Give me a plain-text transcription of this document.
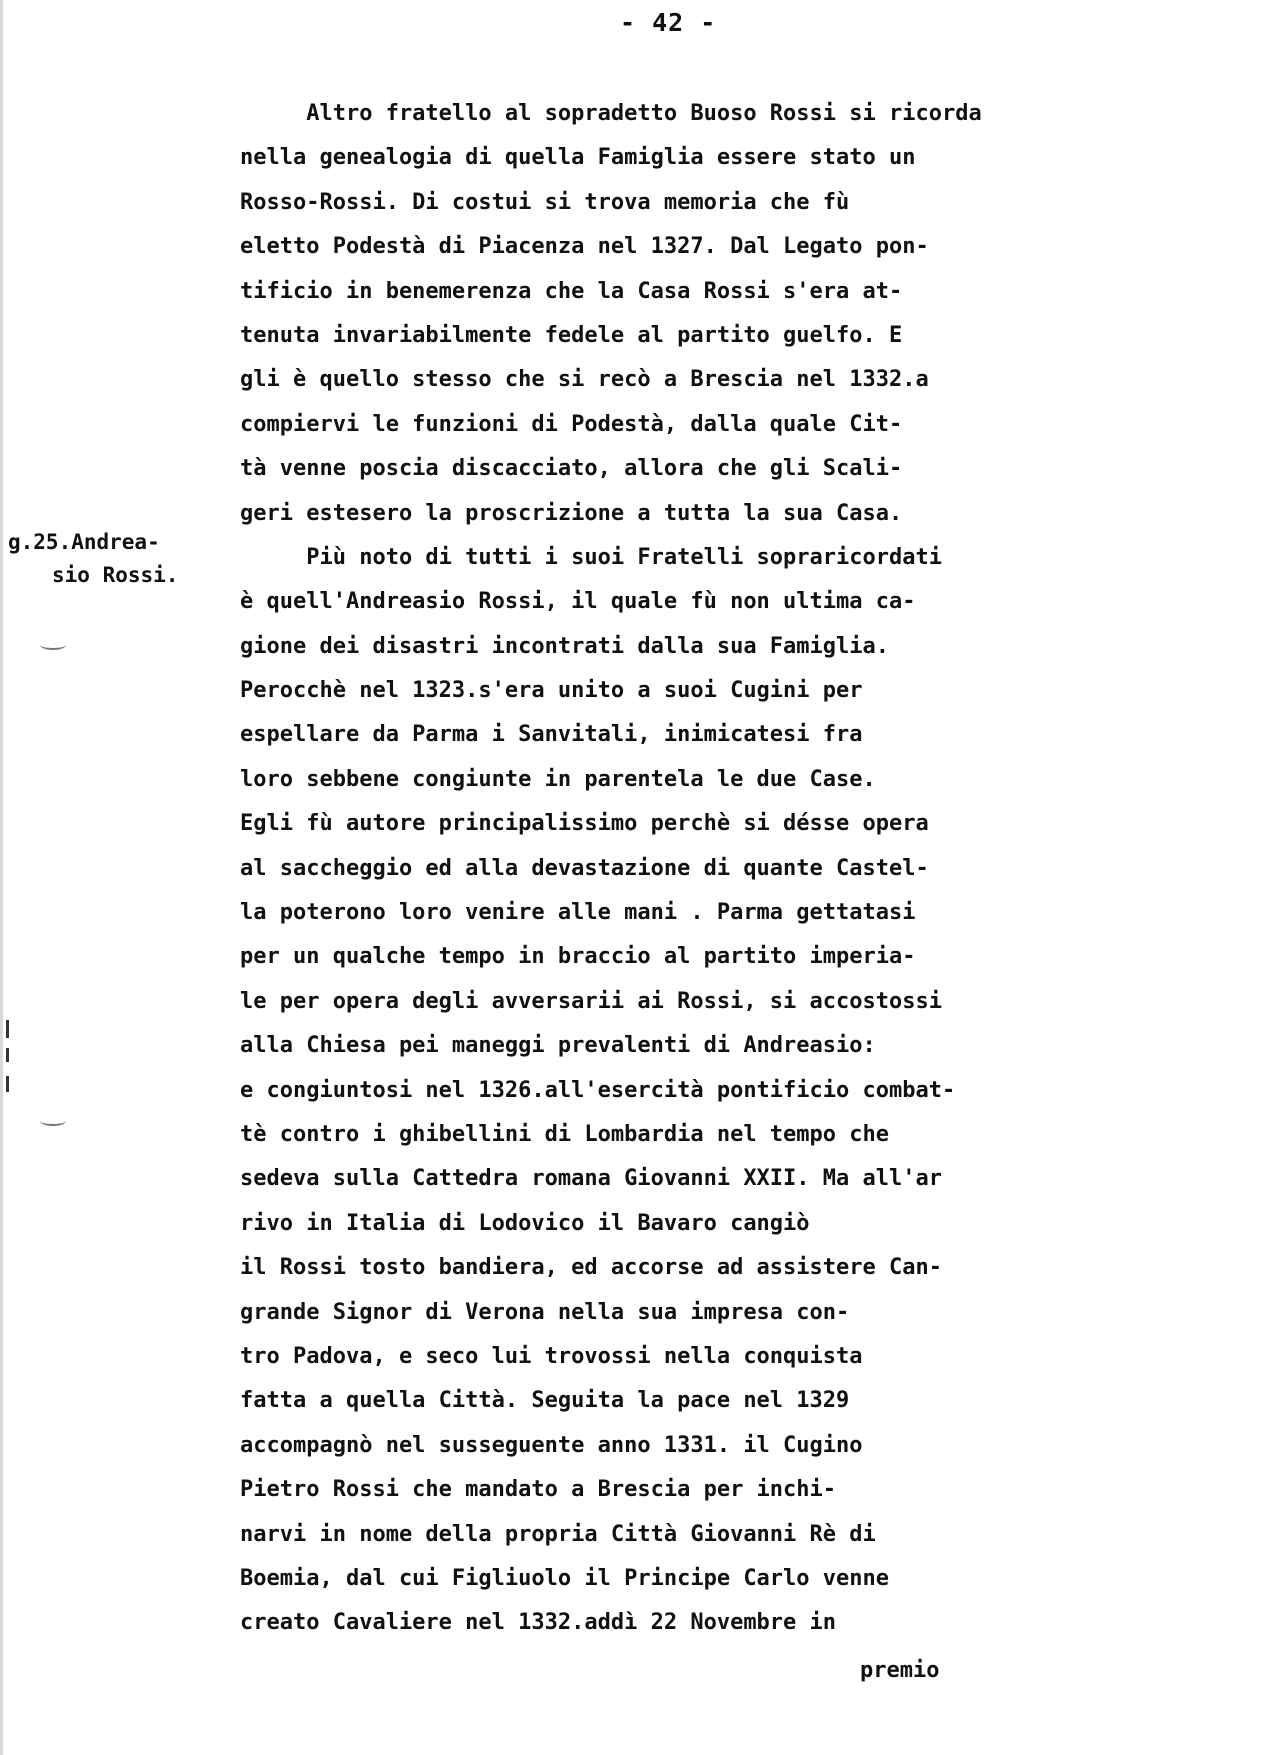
- 42 -
g.25.Andrea-
sio Rossi.
Altro fratello al sopradetto Buoso Rossi si ricorda
nella genealogia di quella Famiglia essere stato un
Rosso-Rossi. Di costui si trova memoria che fù
eletto Podestà di Piacenza nel 1327. Dal Legato pon-
tificio in benemerenza che la Casa Rossi s'era at-
tenuta invariabilmente fedele al partito guelfo. E
gli è quello stesso che si recò a Brescia nel 1332.a
compiervi le funzioni di Podestà, dalla quale Cit-
tà venne poscia discacciato, allora che gli Scali-
geri estesero la proscrizione a tutta la sua Casa.
Più noto di tutti i suoi Fratelli sopraricordati
è quell'Andreasio Rossi, il quale fù non ultima ca-
gione dei disastri incontrati dalla sua Famiglia.
Perocchè nel 1323.s'era unito a suoi Cugini per
espellare da Parma i Sanvitali, inimicatesi fra
loro sebbene congiunte in parentela le due Case.
Egli fù autore principalissimo perchè si désse opera
al saccheggio ed alla devastazione di quante Castel-
la poterono loro venire alle mani . Parma gettatasi
per un qualche tempo in braccio al partito imperia-
le per opera degli avversarii ai Rossi, si accostossi
alla Chiesa pei maneggi prevalenti di Andreasio:
e congiuntosi nel 1326.all'esercità pontificio combat-
tè contro i ghibellini di Lombardia nel tempo che
sedeva sulla Cattedra romana Giovanni XXII. Ma all'ar
rivo in Italia di Lodovico il Bavaro cangiò
il Rossi tosto bandiera, ed accorse ad assistere Can-
grande Signor di Verona nella sua impresa con-
tro Padova, e seco lui trovossi nella conquista
fatta a quella Città. Seguita la pace nel 1329
accompagnò nel susseguente anno 1331. il Cugino
Pietro Rossi che mandato a Brescia per inchi-
narvi in nome della propria Città Giovanni Rè di
Boemia, dal cui Figliuolo il Principe Carlo venne
creato Cavaliere nel 1332.addì 22 Novembre in
premio
